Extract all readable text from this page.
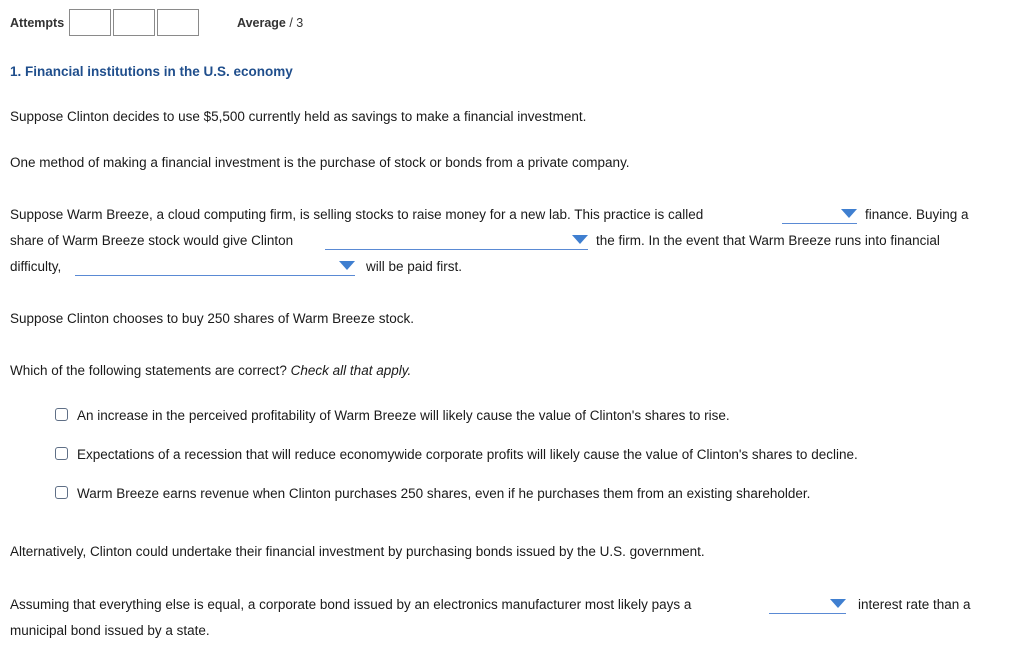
Attempts	Average / 3
1. Financial institutions in the U.S. economy
Suppose Clinton decides to use $5,500 currently held as savings to make a financial investment.
One method of making a financial investment is the purchase of stock or bonds from a private company.
Suppose Warm Breeze, a cloud computing firm, is selling stocks to raise money for a new lab. This practice is called	finance. Buying a
share of Warm Breeze stock would give Clinton	the firm. In the event that Warm Breeze runs into financial
difficulty,	will be paid first.
Suppose Clinton chooses to buy 250 shares of Warm Breeze stock.
Which of the following statements are correct? Check all that apply.
An increase in the perceived profitability of Warm Breeze will likely cause the value of Clinton's shares to rise.
Expectations of a recession that will reduce economywide corporate profits will likely cause the value of Clinton's shares to decline.
Warm Breeze earns revenue when Clinton purchases 250 shares, even if he purchases them from an existing shareholder.
Alternatively, Clinton could undertake their financial investment by purchasing bonds issued by the U.S. government.
Assuming that everything else is equal, a corporate bond issued by an electronics manufacturer most likely pays a	interest rate than a
municipal bond issued by a state.
